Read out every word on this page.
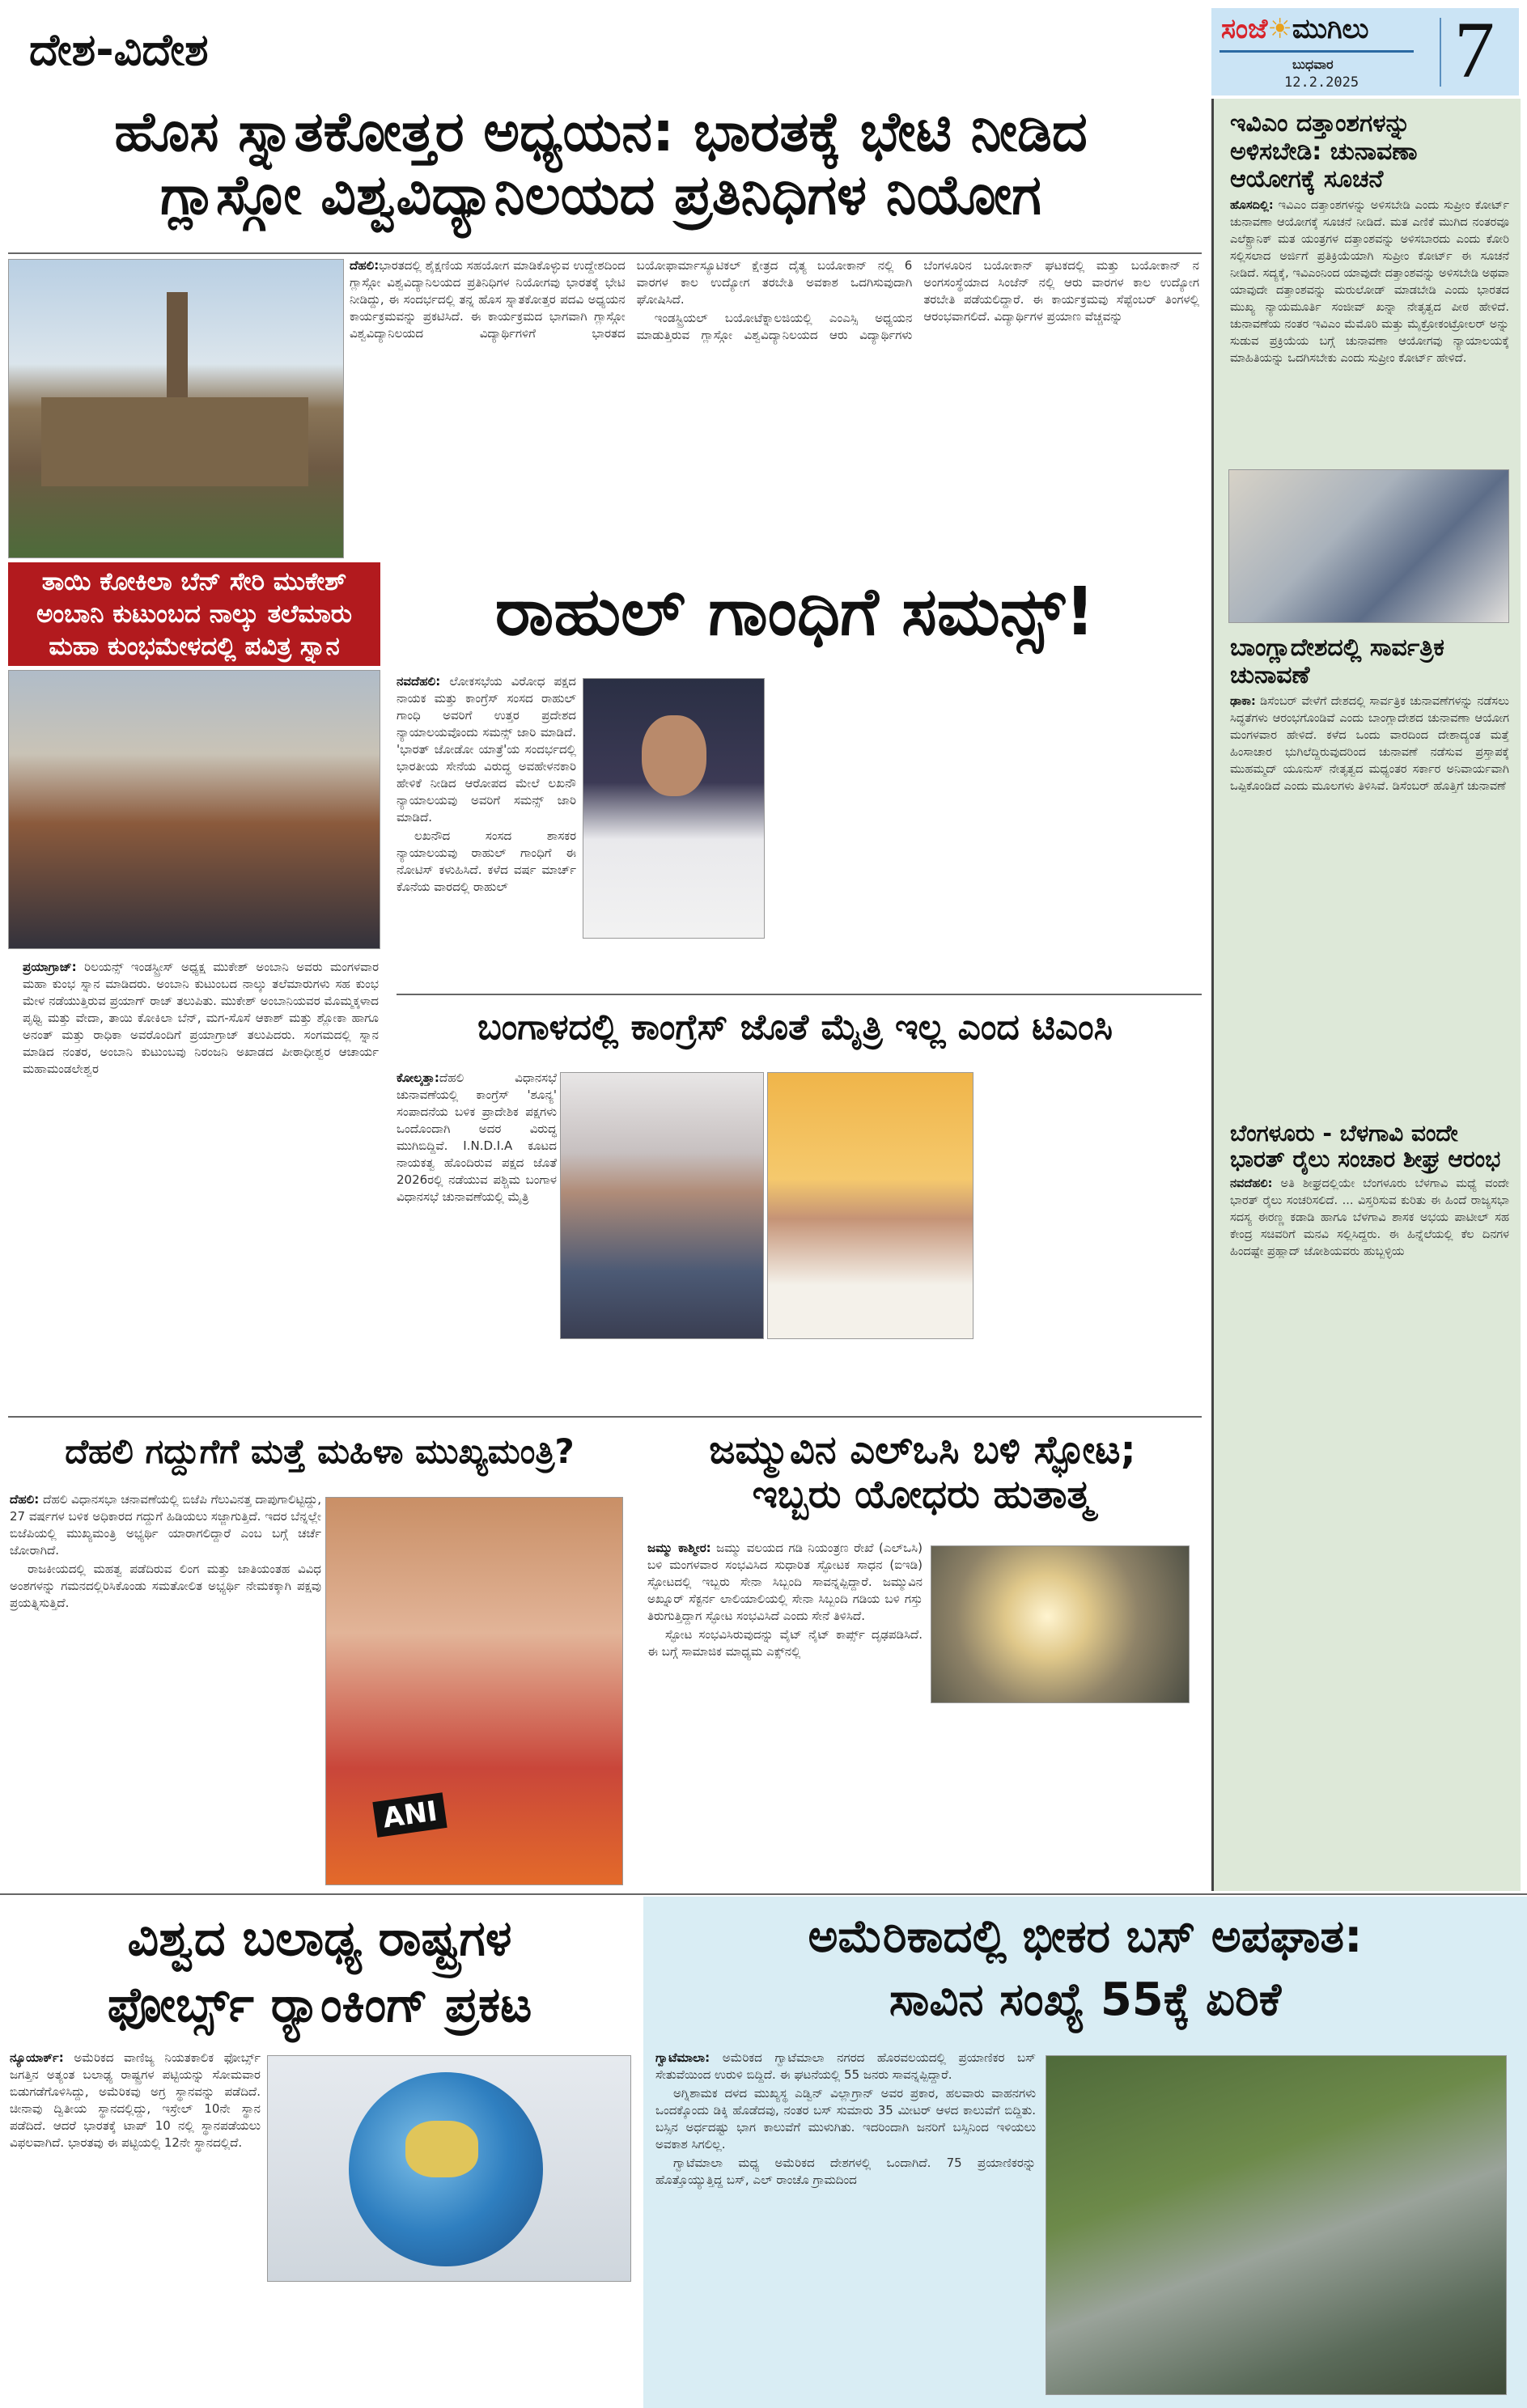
ದೇಶ-ವಿದೇಶ	ಸಂಜೆ☀ಮುಗಿಲು
ಬುಧವಾರ
12.2.2025 7
ಹೊಸ ಸ್ನಾತಕೋತ್ತರ ಅಧ್ಯಯನ: ಭಾರತಕ್ಕೆ ಭೇಟಿ ನೀಡಿದ
ಗ್ಲಾಸ್ಗೋ ವಿಶ್ವವಿದ್ಯಾನಿಲಯದ ಪ್ರತಿನಿಧಿಗಳ ನಿಯೋಗ

ದೆಹಲಿ:ಭಾರತದಲ್ಲಿ ಶೈಕ್ಷಣಿಯ ಸಹಯೋಗ ಮಾಡಿಕೊಳ್ಳುವ ಉದ್ದೇಶದಿಂದ ಗ್ಲಾಸ್ಗೋ ವಿಶ್ವವಿದ್ಯಾನಿಲಯದ ಪ್ರತಿನಿಧಿಗಳ ನಿಯೋಗವು ಭಾರತಕ್ಕೆ ಭೇಟಿ ನೀಡಿದ್ದು, ಈ ಸಂದರ್ಭದಲ್ಲಿ ತನ್ನ ಹೊಸ ಸ್ನಾತಕೋತ್ತರ ಪದವಿ ಅಧ್ಯಯನ ಕಾರ್ಯಕ್ರಮವನ್ನು ಪ್ರಕಟಿಸಿದೆ. ಈ ಕಾರ್ಯಕ್ರಮದ ಭಾಗವಾಗಿ ಗ್ಲಾಸ್ಗೋ ವಿಶ್ವವಿದ್ಯಾನಿಲಯದ ವಿದ್ಯಾರ್ಥಿಗಳಿಗೆ ಭಾರತದ ಬಯೋಫಾರ್ಮಾಸ್ಯೂಟಿಕಲ್ ಕ್ಷೇತ್ರದ ದೈತ್ಯ ಬಯೋಕಾನ್ ನಲ್ಲಿ 6 ವಾರಗಳ ಕಾಲ ಉದ್ಯೋಗ ತರಬೇತಿ ಅವಕಾಶ ಒದಗಿಸುವುದಾಗಿ ಘೋಷಿಸಿದೆ.

ಇಂಡಸ್ಟ್ರಿಯಲ್ ಬಯೋಟೆಕ್ನಾಲಜಿಯಲ್ಲಿ ಎಂಎಸ್ಸಿ ಅಧ್ಯಯನ ಮಾಡುತ್ತಿರುವ ಗ್ಲಾಸ್ಗೋ ವಿಶ್ವವಿದ್ಯಾನಿಲಯದ ಆರು ವಿದ್ಯಾರ್ಥಿಗಳು ಬೆಂಗಳೂರಿನ ಬಯೋಕಾನ್ ಘಟಕದಲ್ಲಿ ಮತ್ತು ಬಯೋಕಾನ್ ನ ಅಂಗಸಂಸ್ಥೆಯಾದ ಸಿಂಜೆನ್ ನಲ್ಲಿ ಆರು ವಾರಗಳ ಕಾಲ ಉದ್ಯೋಗ ತರಬೇತಿ ಪಡೆಯಲಿದ್ದಾರೆ. ಈ ಕಾರ್ಯಕ್ರಮವು ಸೆಪ್ಟೆಂಬರ್ ತಿಂಗಳಲ್ಲಿ ಆರಂಭವಾಗಲಿದೆ. ವಿದ್ಯಾರ್ಥಿಗಳ ಪ್ರಯಾಣ ವೆಚ್ಚವನ್ನು

ತಾಯಿ ಕೋಕಿಲಾ ಬೆನ್ ಸೇರಿ ಮುಕೇಶ್ ಅಂಬಾನಿ ಕುಟುಂಬದ ನಾಲ್ಕು ತಲೆಮಾರು ಮಹಾ ಕುಂಭಮೇಳದಲ್ಲಿ ಪವಿತ್ರ ಸ್ನಾನ

ಪ್ರಯಾಗ್ರಾಜ್: ರಿಲಯನ್ಸ್ ಇಂಡಸ್ಟ್ರೀಸ್ ಅಧ್ಯಕ್ಷ ಮುಕೇಶ್ ಅಂಬಾನಿ ಅವರು ಮಂಗಳವಾರ ಮಹಾ ಕುಂಭ ಸ್ನಾನ ಮಾಡಿದರು. ಅಂಬಾನಿ ಕುಟುಂಬದ ನಾಲ್ಕು ತಲೆಮಾರುಗಳು ಸಹ ಕುಂಭ ಮೇಳ ನಡೆಯುತ್ತಿರುವ ಪ್ರಯಾಗ್ ರಾಜ್ ತಲುಪಿತು. ಮುಕೇಶ್ ಅಂಬಾನಿಯವರ ಮೊಮ್ಮಕ್ಕಳಾದ ಪೃಥ್ವಿ ಮತ್ತು ವೇದಾ, ತಾಯಿ ಕೋಕಿಲಾ ಬೆನ್, ಮಗ-ಸೊಸೆ ಆಕಾಶ್ ಮತ್ತು ಶ್ಲೋಕಾ ಹಾಗೂ ಅನಂತ್ ಮತ್ತು ರಾಧಿಕಾ ಅವರೊಂದಿಗೆ ಪ್ರಯಾಗ್ರಾಜ್ ತಲುಪಿದರು. ಸಂಗಮದಲ್ಲಿ ಸ್ನಾನ ಮಾಡಿದ ನಂತರ, ಅಂಬಾನಿ ಕುಟುಂಬವು ನಿರಂಜನಿ ಅಖಾಡದ ಪೀಠಾಧೀಶ್ವರ ಆಚಾರ್ಯ ಮಹಾಮಂಡಲೇಶ್ವರ

ರಾಹುಲ್ ಗಾಂಧಿಗೆ ಸಮನ್ಸ್!

ನವದೆಹಲಿ: ಲೋಕಸಭೆಯ ವಿರೋಧ ಪಕ್ಷದ ನಾಯಕ ಮತ್ತು ಕಾಂಗ್ರೆಸ್ ಸಂಸದ ರಾಹುಲ್ ಗಾಂಧಿ ಅವರಿಗೆ ಉತ್ತರ ಪ್ರದೇಶದ ನ್ಯಾಯಾಲಯವೊಂದು ಸಮನ್ಸ್ ಜಾರಿ ಮಾಡಿದೆ. 'ಭಾರತ್ ಜೋಡೋ ಯಾತ್ರೆ'ಯ ಸಂದರ್ಭದಲ್ಲಿ ಭಾರತೀಯ ಸೇನೆಯ ವಿರುದ್ಧ ಅವಹೇಳನಕಾರಿ ಹೇಳಿಕೆ ನೀಡಿದ ಆರೋಪದ ಮೇಲೆ ಲಖನೌ ನ್ಯಾಯಾಲಯವು ಅವರಿಗೆ ಸಮನ್ಸ್ ಜಾರಿ ಮಾಡಿದೆ.

ಲಖನೌದ ಸಂಸದ ಶಾಸಕರ ನ್ಯಾಯಾಲಯವು ರಾಹುಲ್ ಗಾಂಧಿಗೆ ಈ ನೋಟಿಸ್ ಕಳುಹಿಸಿದೆ. ಕಳೆದ ವರ್ಷ ಮಾರ್ಚ್ ಕೊನೆಯ ವಾರದಲ್ಲಿ ರಾಹುಲ್

ಬಂಗಾಳದಲ್ಲಿ ಕಾಂಗ್ರೆಸ್ ಜೊತೆ ಮೈತ್ರಿ ಇಲ್ಲ ಎಂದ ಟಿಎಂಸಿ

ಕೋಲ್ಕತ್ತಾ:ದೆಹಲಿ ವಿಧಾನಸಭೆ ಚುನಾವಣೆಯಲ್ಲಿ ಕಾಂಗ್ರೆಸ್ 'ಶೂನ್ಯ' ಸಂಪಾದನೆಯ ಬಳಿಕ ಪ್ರಾದೇಶಿಕ ಪಕ್ಷಗಳು ಒಂದೊಂದಾಗಿ ಅದರ ವಿರುದ್ಧ ಮುಗಿಬಿದ್ದಿವೆ. I.N.D.I.A ಕೂಟದ ನಾಯಕತ್ವ ಹೊಂದಿರುವ ಪಕ್ಷದ ಜೊತೆ 2026ರಲ್ಲಿ ನಡೆಯುವ ಪಶ್ಚಿಮ ಬಂಗಾಳ ವಿಧಾನಸಭೆ ಚುನಾವಣೆಯಲ್ಲಿ ಮೈತ್ರಿ

ದೆಹಲಿ ಗದ್ದುಗೆಗೆ ಮತ್ತೆ ಮಹಿಳಾ ಮುಖ್ಯಮಂತ್ರಿ?

ದೆಹಲಿ: ದೆಹಲಿ ವಿಧಾನಸಭಾ ಚನಾವಣೆಯಲ್ಲಿ ಬಿಜೆಪಿ ಗೆಲುವಿನತ್ತ ದಾಪುಗಾಲಿಟ್ಟಿದ್ದು, 27 ವರ್ಷಗಳ ಬಳಿಕ ಅಧಿಕಾರದ ಗದ್ದುಗೆ ಹಿಡಿಯಲು ಸಜ್ಜಾಗುತ್ತಿದೆ. ಇದರ ಬೆನ್ನಲ್ಲೇ ಬಿಜೆಪಿಯಲ್ಲಿ ಮುಖ್ಯಮಂತ್ರಿ ಅಭ್ಯರ್ಥಿ ಯಾರಾಗಲಿದ್ದಾರೆ ಎಂಬ ಬಗ್ಗೆ ಚರ್ಚೆ ಜೋರಾಗಿದೆ.

ರಾಜಕೀಯದಲ್ಲಿ ಮಹತ್ವ ಪಡೆದಿರುವ ಲಿಂಗ ಮತ್ತು ಜಾತಿಯಂತಹ ವಿವಿಧ ಅಂಶಗಳನ್ನು ಗಮನದಲ್ಲಿರಿಸಿಕೊಂಡು ಸಮತೋಲಿತ ಅಭ್ಯರ್ಥಿ ನೇಮಕಕ್ಕಾಗಿ ಪಕ್ಷವು ಪ್ರಯತ್ನಿಸುತ್ತಿದೆ.

ANI
ಜಮ್ಮುವಿನ ಎಲ್‌ಒಸಿ ಬಳಿ ಸ್ಫೋಟ;
ಇಬ್ಬರು ಯೋಧರು ಹುತಾತ್ಮ

ಜಮ್ಮು ಕಾಶ್ಮೀರ: ಜಮ್ಮು ವಲಯದ ಗಡಿ ನಿಯಂತ್ರಣ ರೇಖೆ (ಎಲ್‌ಒಸಿ) ಬಳಿ ಮಂಗಳವಾರ ಸಂಭವಿಸಿದ ಸುಧಾರಿತ ಸ್ಫೋಟಕ ಸಾಧನ (ಐಇಡಿ) ಸ್ಫೋಟದಲ್ಲಿ ಇಬ್ಬರು ಸೇನಾ ಸಿಬ್ಬಂದಿ ಸಾವನ್ನಪ್ಪಿದ್ದಾರೆ. ಜಮ್ಮುವಿನ ಅಖ್ನೂರ್ ಸೆಕ್ಟರ್ನ ಲಾಲಿಯಾಲಿಯಲ್ಲಿ ಸೇನಾ ಸಿಬ್ಬಂದಿ ಗಡಿಯ ಬಳಿ ಗಸ್ತು ತಿರುಗುತ್ತಿದ್ದಾಗ ಸ್ಫೋಟ ಸಂಭವಿಸಿದೆ ಎಂದು ಸೇನೆ ತಿಳಿಸಿದೆ.

ಸ್ಫೋಟ ಸಂಭವಿಸಿರುವುದನ್ನು ವೈಟ್ ನೈಟ್ ಕಾರ್ಪ್ಸ್ ದೃಢಪಡಿಸಿದೆ. ಈ ಬಗ್ಗೆ ಸಾಮಾಜಿಕ ಮಾಧ್ಯಮ ಎಕ್ಸ್‌ನಲ್ಲಿ

ಇವಿಎಂ ದತ್ತಾಂಶಗಳನ್ನು ಅಳಿಸಬೇಡಿ: ಚುನಾವಣಾ ಆಯೋಗಕ್ಕೆ ಸೂಚನೆ

ಹೊಸದಿಲ್ಲಿ: ಇವಿಎಂ ದತ್ತಾಂಶಗಳನ್ನು ಅಳಿಸಬೇಡಿ ಎಂದು ಸುಪ್ರೀಂ ಕೋರ್ಟ್ ಚುನಾವಣಾ ಆಯೋಗಕ್ಕೆ ಸೂಚನೆ ನೀಡಿದೆ. ಮತ ಎಣಿಕೆ ಮುಗಿದ ನಂತರವೂ ಎಲೆಕ್ಟ್ರಾನಿಕ್ ಮತ ಯಂತ್ರಗಳ ದತ್ತಾಂಶವನ್ನು ಅಳಿಸಬಾರದು ಎಂದು ಕೋರಿ ಸಲ್ಲಿಸಲಾದ ಅರ್ಜಿಗೆ ಪ್ರತಿಕ್ರಿಯೆಯಾಗಿ ಸುಪ್ರೀಂ ಕೋರ್ಟ್ ಈ ಸೂಚನೆ ನೀಡಿದೆ. ಸದ್ಯಕ್ಕೆ, ಇವಿಎಂನಿಂದ ಯಾವುದೇ ದತ್ತಾಂಶವನ್ನು ಅಳಿಸಬೇಡಿ ಅಥವಾ ಯಾವುದೇ ದತ್ತಾಂಶವನ್ನು ಮರುಲೋಡ್ ಮಾಡಬೇಡಿ ಎಂದು ಭಾರತದ ಮುಖ್ಯ ನ್ಯಾಯಮೂರ್ತಿ ಸಂಜೀವ್ ಖನ್ನಾ ನೇತೃತ್ವದ ಪೀಠ ಹೇಳಿದೆ. ಚುನಾವಣೆಯ ನಂತರ ಇವಿಎಂ ಮೆಮೊರಿ ಮತ್ತು ಮೈಕ್ರೋಕಂಟ್ರೋಲರ್ ಅನ್ನು ಸುಡುವ ಪ್ರಕ್ರಿಯೆಯ ಬಗ್ಗೆ ಚುನಾವಣಾ ಆಯೋಗವು ನ್ಯಾಯಾಲಯಕ್ಕೆ ಮಾಹಿತಿಯನ್ನು ಒದಗಿಸಬೇಕು ಎಂದು ಸುಪ್ರೀಂ ಕೋರ್ಟ್ ಹೇಳಿದೆ.

ಬಾಂಗ್ಲಾದೇಶದಲ್ಲಿ ಸಾರ್ವತ್ರಿಕ ಚುನಾವಣೆ

ಢಾಕಾ: ಡಿಸೆಂಬರ್ ವೇಳೆಗೆ ದೇಶದಲ್ಲಿ ಸಾರ್ವತ್ರಿಕ ಚುನಾವಣೆಗಳನ್ನು ನಡೆಸಲು ಸಿದ್ಧತೆಗಳು ಆರಂಭಗೊಂಡಿವೆ ಎಂದು ಬಾಂಗ್ಲಾದೇಶದ ಚುನಾವಣಾ ಆಯೋಗ ಮಂಗಳವಾರ ಹೇಳಿದೆ. ಕಳೆದ ಒಂದು ವಾರದಿಂದ ದೇಶಾದ್ಯಂತ ಮತ್ತೆ ಹಿಂಸಾಚಾರ ಭುಗಿಲೆದ್ದಿರುವುದರಿಂದ ಚುನಾವಣೆ ನಡೆಸುವ ಪ್ರಸ್ತಾಪಕ್ಕೆ ಮುಹಮ್ಮದ್ ಯೂನುಸ್ ನೇತೃತ್ವದ ಮಧ್ಯಂತರ ಸರ್ಕಾರ ಅನಿವಾರ್ಯವಾಗಿ ಒಪ್ಪಿಕೊಂಡಿದೆ ಎಂದು ಮೂಲಗಳು ತಿಳಿಸಿವೆ. ಡಿಸೆಂಬರ್ ಹೊತ್ತಿಗೆ ಚುನಾವಣೆ

ಬೆಂಗಳೂರು - ಬೆಳಗಾವಿ ವಂದೇ ಭಾರತ್ ರೈಲು ಸಂಚಾರ ಶೀಘ್ರ ಆರಂಭ

ನವದೆಹಲಿ: ಅತಿ ಶೀಘ್ರದಲ್ಲಿಯೇ ಬೆಂಗಳೂರು ಬೆಳಗಾವಿ ಮಧ್ಯೆ ವಂದೇ ಭಾರತ್ ರೈಲು ಸಂಚರಿಸಲಿದೆ. ... ವಿಸ್ತರಿಸುವ ಕುರಿತು ಈ ಹಿಂದೆ ರಾಜ್ಯಸಭಾ ಸದಸ್ಯ ಈರಣ್ಣ ಕಡಾಡಿ ಹಾಗೂ ಬೆಳಗಾವಿ ಶಾಸಕ ಅಭಯ ಪಾಟೀಲ್ ಸಹ ಕೇಂದ್ರ ಸಚಿವರಿಗೆ ಮನವಿ ಸಲ್ಲಿಸಿದ್ದರು. ಈ ಹಿನ್ನೆಲೆಯಲ್ಲಿ ಕೆಲ ದಿನಗಳ ಹಿಂದಷ್ಟೇ ಪ್ರಹ್ಲಾದ್ ಜೋಶಿಯವರು ಹುಬ್ಬಳ್ಳಿಯ

ವಿಶ್ವದ ಬಲಾಢ್ಯ ರಾಷ್ಟ್ರಗಳ
ಫೋರ್ಬ್ಸ್ ರ್‍ಯಾಂಕಿಂಗ್ ಪ್ರಕಟ

ನ್ಯೂಯಾರ್ಕ್: ಅಮೆರಿಕದ ವಾಣಿಜ್ಯ ನಿಯತಕಾಲಿಕ ಫೋರ್ಬ್ಸ್ ಜಗತ್ತಿನ ಅತ್ಯಂತ ಬಲಾಢ್ಯ ರಾಷ್ಟ್ರಗಳ ಪಟ್ಟಿಯನ್ನು ಸೋಮವಾರ ಬಿಡುಗಡೆಗೊಳಿಸಿದ್ದು, ಅಮೆರಿಕವು ಅಗ್ರ ಸ್ಥಾನವನ್ನು ಪಡೆದಿದೆ. ಚೀನಾವು ದ್ವಿತೀಯ ಸ್ಥಾನದಲ್ಲಿದ್ದು, ಇಸ್ರೇಲ್ 10ನೇ ಸ್ಥಾನ ಪಡೆದಿದೆ. ಆದರೆ ಭಾರತಕ್ಕೆ ಟಾಪ್ 10 ನಲ್ಲಿ ಸ್ಥಾನಪಡೆಯಲು ವಿಫಲವಾಗಿದೆ. ಭಾರತವು ಈ ಪಟ್ಟಿಯಲ್ಲಿ 12ನೇ ಸ್ಥಾನದಲ್ಲಿದೆ.

ಅಮೆರಿಕಾದಲ್ಲಿ ಭೀಕರ ಬಸ್ ಅಪಘಾತ:
ಸಾವಿನ ಸಂಖ್ಯೆ 55ಕ್ಕೆ ಏರಿಕೆ

ಗ್ವಾಟೆಮಾಲಾ: ಅಮೆರಿಕದ ಗ್ವಾಟೆಮಾಲಾ ನಗರದ ಹೊರವಲಯದಲ್ಲಿ ಪ್ರಯಾಣಿಕರ ಬಸ್ ಸೇತುವೆಯಿಂದ ಉರುಳಿ ಬಿದ್ದಿದೆ. ಈ ಘಟನೆಯಲ್ಲಿ 55 ಜನರು ಸಾವನ್ನಪ್ಪಿದ್ದಾರೆ.

ಅಗ್ನಿಶಾಮಕ ದಳದ ಮುಖ್ಯಸ್ಥ ಎಡ್ವಿನ್ ವಿಲ್ಲಾಗ್ರಾನ್ ಅವರ ಪ್ರಕಾರ, ಹಲವಾರು ವಾಹನಗಳು ಒಂದಕ್ಕೊಂದು ಡಿಕ್ಕಿ ಹೊಡೆದವು, ನಂತರ ಬಸ್ ಸುಮಾರು 35 ಮೀಟರ್ ಆಳದ ಕಾಲುವೆಗೆ ಬಿದ್ದಿತು. ಬಸ್ಸಿನ ಅರ್ಧದಷ್ಟು ಭಾಗ ಕಾಲುವೆಗೆ ಮುಳುಗಿತು. ಇದರಿಂದಾಗಿ ಜನರಿಗೆ ಬಸ್ಸಿನಿಂದ ಇಳಿಯಲು ಅವಕಾಶ ಸಿಗಲಿಲ್ಲ.

ಗ್ವಾಟೆಮಾಲಾ ಮಧ್ಯ ಅಮೆರಿಕದ ದೇಶಗಳಲ್ಲಿ ಒಂದಾಗಿದೆ. 75 ಪ್ರಯಾಣಿಕರನ್ನು ಹೊತ್ತೊಯ್ಯುತ್ತಿದ್ದ ಬಸ್, ಎಲ್ ರಾಂಚೊ ಗ್ರಾಮದಿಂದ
